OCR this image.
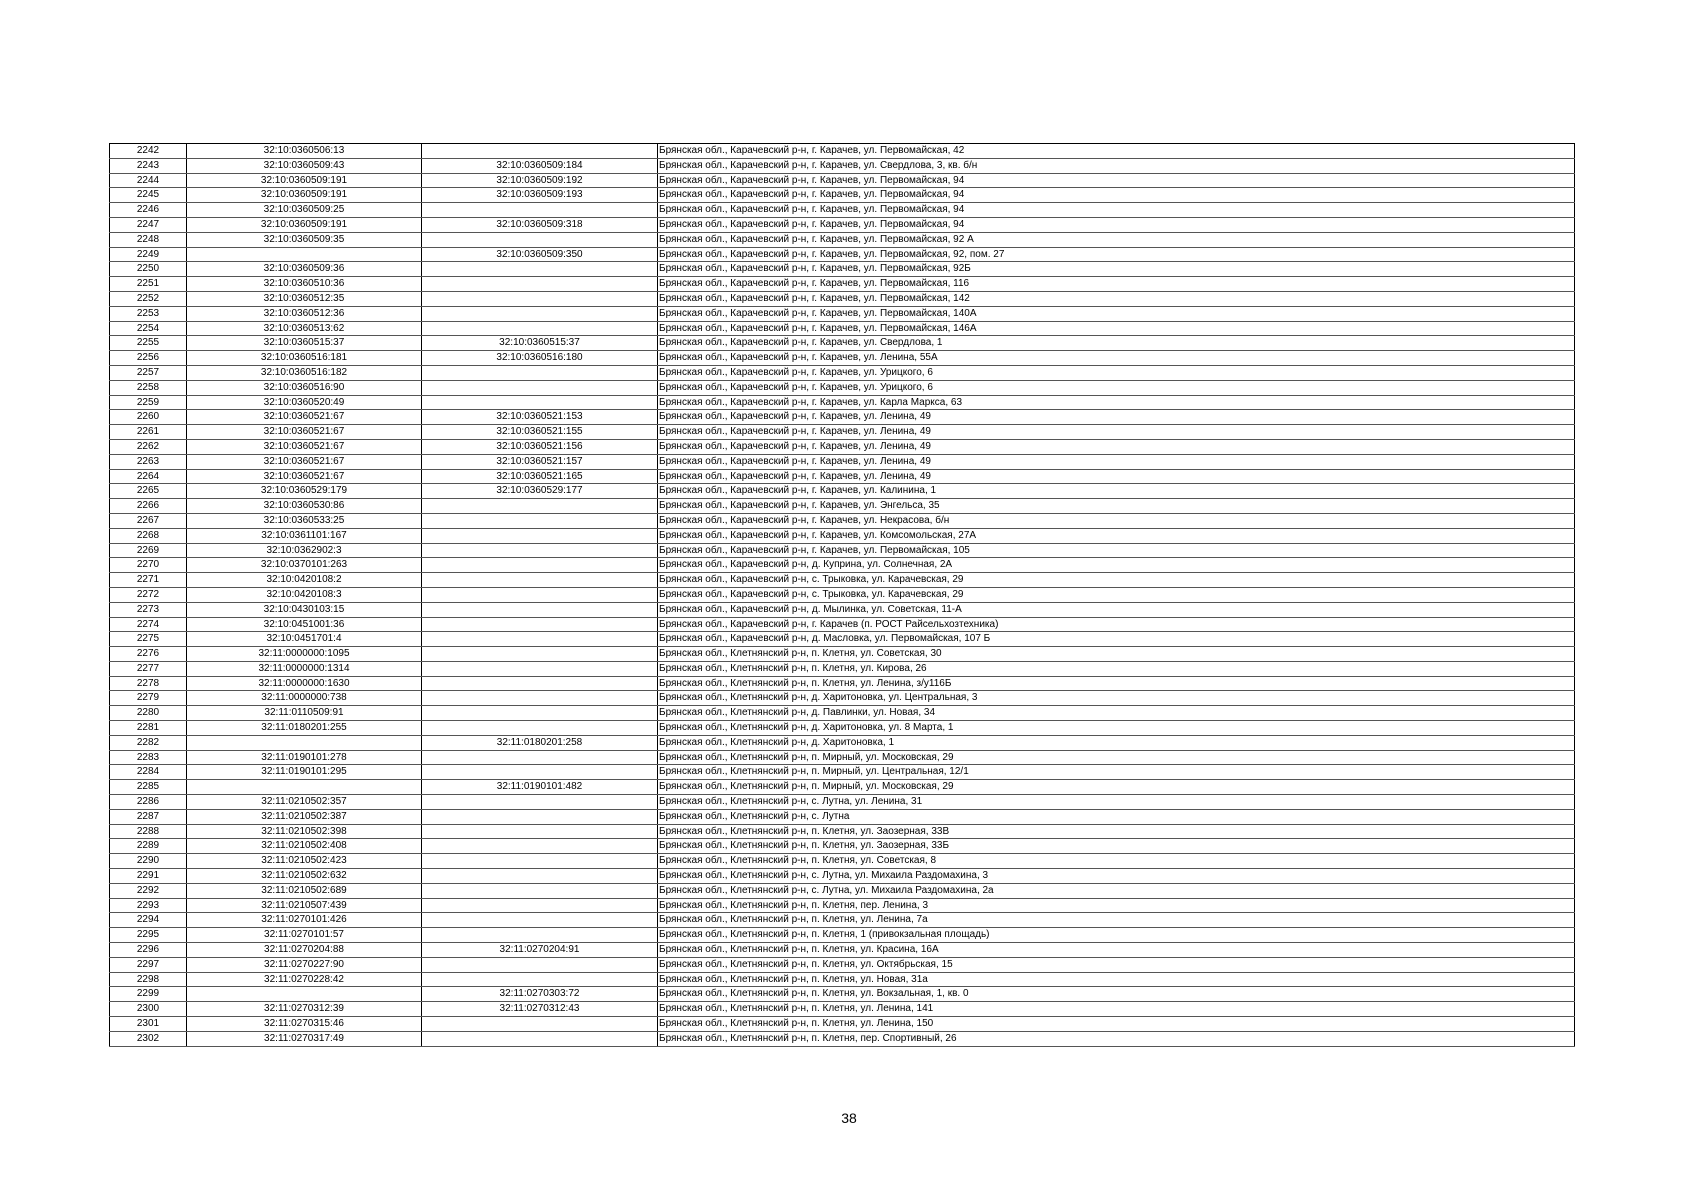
2242	32:10:0360506:13		Брянская обл., Карачевский р-н, г. Карачев, ул. Первомайская, 42
2243	32:10:0360509:43	32:10:0360509:184	Брянская обл., Карачевский р-н, г. Карачев, ул. Свердлова, 3, кв. б/н
2244	32:10:0360509:191	32:10:0360509:192	Брянская обл., Карачевский р-н, г. Карачев, ул. Первомайская, 94
2245	32:10:0360509:191	32:10:0360509:193	Брянская обл., Карачевский р-н, г. Карачев, ул. Первомайская, 94
2246	32:10:0360509:25		Брянская обл., Карачевский р-н, г. Карачев, ул. Первомайская, 94
2247	32:10:0360509:191	32:10:0360509:318	Брянская обл., Карачевский р-н, г. Карачев, ул. Первомайская, 94
2248	32:10:0360509:35		Брянская обл., Карачевский р-н, г. Карачев, ул. Первомайская, 92 А
2249		32:10:0360509:350	Брянская обл., Карачевский р-н, г. Карачев, ул. Первомайская, 92, пом. 27
2250	32:10:0360509:36		Брянская обл., Карачевский р-н, г. Карачев, ул. Первомайская, 92Б
2251	32:10:0360510:36		Брянская обл., Карачевский р-н, г. Карачев, ул. Первомайская, 116
2252	32:10:0360512:35		Брянская обл., Карачевский р-н, г. Карачев, ул. Первомайская, 142
2253	32:10:0360512:36		Брянская обл., Карачевский р-н, г. Карачев, ул. Первомайская, 140А
2254	32:10:0360513:62		Брянская обл., Карачевский р-н, г. Карачев, ул. Первомайская, 146А
2255	32:10:0360515:37	32:10:0360515:37	Брянская обл., Карачевский р-н, г. Карачев, ул. Свердлова, 1
2256	32:10:0360516:181	32:10:0360516:180	Брянская обл., Карачевский р-н, г. Карачев, ул. Ленина, 55А
2257	32:10:0360516:182		Брянская обл., Карачевский р-н, г. Карачев, ул. Урицкого, 6
2258	32:10:0360516:90		Брянская обл., Карачевский р-н, г. Карачев, ул. Урицкого, 6
2259	32:10:0360520:49		Брянская обл., Карачевский р-н, г. Карачев, ул. Карла Маркса, 63
2260	32:10:0360521:67	32:10:0360521:153	Брянская обл., Карачевский р-н, г. Карачев, ул. Ленина, 49
2261	32:10:0360521:67	32:10:0360521:155	Брянская обл., Карачевский р-н, г. Карачев, ул. Ленина, 49
2262	32:10:0360521:67	32:10:0360521:156	Брянская обл., Карачевский р-н, г. Карачев, ул. Ленина, 49
2263	32:10:0360521:67	32:10:0360521:157	Брянская обл., Карачевский р-н, г. Карачев, ул. Ленина, 49
2264	32:10:0360521:67	32:10:0360521:165	Брянская обл., Карачевский р-н, г. Карачев, ул. Ленина, 49
2265	32:10:0360529:179	32:10:0360529:177	Брянская обл., Карачевский р-н, г. Карачев, ул. Калинина, 1
2266	32:10:0360530:86		Брянская обл., Карачевский р-н, г. Карачев, ул. Энгельса, 35
2267	32:10:0360533:25		Брянская обл., Карачевский р-н, г. Карачев, ул. Некрасова, б/н
2268	32:10:0361101:167		Брянская обл., Карачевский р-н, г. Карачев, ул. Комсомольская, 27А
2269	32:10:0362902:3		Брянская обл., Карачевский р-н, г. Карачев, ул. Первомайская, 105
2270	32:10:0370101:263		Брянская обл., Карачевский р-н, д. Куприна, ул. Солнечная, 2А
2271	32:10:0420108:2		Брянская обл., Карачевский р-н, с. Трыковка, ул. Карачевская, 29
2272	32:10:0420108:3		Брянская обл., Карачевский р-н, с. Трыковка, ул. Карачевская, 29
2273	32:10:0430103:15		Брянская обл., Карачевский р-н, д. Мылинка, ул. Советская, 11-А
2274	32:10:0451001:36		Брянская обл., Карачевский р-н, г. Карачев (п. РОСТ Райсельхозтехника)
2275	32:10:0451701:4		Брянская обл., Карачевский р-н, д. Масловка, ул. Первомайская, 107 Б
2276	32:11:0000000:1095		Брянская обл., Клетнянский р-н, п. Клетня, ул. Советская, 30
2277	32:11:0000000:1314		Брянская обл., Клетнянский р-н, п. Клетня, ул. Кирова, 26
2278	32:11:0000000:1630		Брянская обл., Клетнянский р-н, п. Клетня, ул. Ленина, з/у116Б
2279	32:11:0000000:738		Брянская обл., Клетнянский р-н, д. Харитоновка, ул. Центральная, 3
2280	32:11:0110509:91		Брянская обл., Клетнянский р-н, д. Павлинки, ул. Новая, 34
2281	32:11:0180201:255		Брянская обл., Клетнянский р-н, д. Харитоновка, ул. 8 Марта, 1
2282		32:11:0180201:258	Брянская обл., Клетнянский р-н, д. Харитоновка, 1
2283	32:11:0190101:278		Брянская обл., Клетнянский р-н, п. Мирный, ул. Московская, 29
2284	32:11:0190101:295		Брянская обл., Клетнянский р-н, п. Мирный, ул. Центральная, 12/1
2285		32:11:0190101:482	Брянская обл., Клетнянский р-н, п. Мирный, ул. Московская, 29
2286	32:11:0210502:357		Брянская обл., Клетнянский р-н, с. Лутна, ул. Ленина, 31
2287	32:11:0210502:387		Брянская обл., Клетнянский р-н, с. Лутна
2288	32:11:0210502:398		Брянская обл., Клетнянский р-н, п. Клетня, ул. Заозерная, 33В
2289	32:11:0210502:408		Брянская обл., Клетнянский р-н, п. Клетня, ул. Заозерная, 33Б
2290	32:11:0210502:423		Брянская обл., Клетнянский р-н, п. Клетня, ул. Советская, 8
2291	32:11:0210502:632		Брянская обл., Клетнянский р-н, с. Лутна, ул. Михаила Раздомахина, 3
2292	32:11:0210502:689		Брянская обл., Клетнянский р-н, с. Лутна, ул. Михаила Раздомахина, 2а
2293	32:11:0210507:439		Брянская обл., Клетнянский р-н, п. Клетня, пер. Ленина, 3
2294	32:11:0270101:426		Брянская обл., Клетнянский р-н, п. Клетня, ул. Ленина, 7а
2295	32:11:0270101:57		Брянская обл., Клетнянский р-н, п. Клетня, 1 (привокзальная площадь)
2296	32:11:0270204:88	32:11:0270204:91	Брянская обл., Клетнянский р-н, п. Клетня, ул. Красина, 16А
2297	32:11:0270227:90		Брянская обл., Клетнянский р-н, п. Клетня, ул. Октябрьская, 15
2298	32:11:0270228:42		Брянская обл., Клетнянский р-н, п. Клетня, ул. Новая, 31а
2299		32:11:0270303:72	Брянская обл., Клетнянский р-н, п. Клетня, ул. Вокзальная, 1, кв. 0
2300	32:11:0270312:39	32:11:0270312:43	Брянская обл., Клетнянский р-н, п. Клетня, ул. Ленина, 141
2301	32:11:0270315:46		Брянская обл., Клетнянский р-н, п. Клетня, ул. Ленина, 150
2302	32:11:0270317:49		Брянская обл., Клетнянский р-н, п. Клетня, пер. Спортивный, 26
38
